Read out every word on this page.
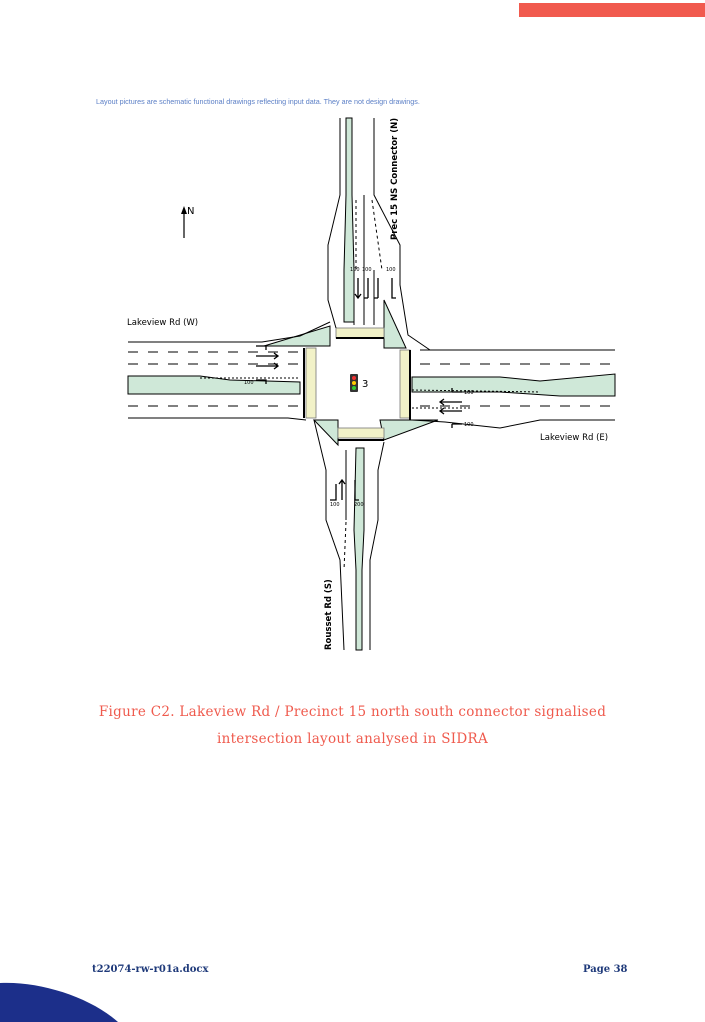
Layout pictures are schematic functional drawings reflecting input data. They are not design drawings.
N
3
Prec 15 NS Connector (N)
Lakeview Rd (W)
Lakeview Rd (E)
Rousset Rd (S)
100 100	100
100
100
100
100	200
Figure C2. Lakeview Rd / Precinct 15 north south connector signalised
intersection layout analysed in SIDRA
t22074-rw-r01a.docx	Page 38
